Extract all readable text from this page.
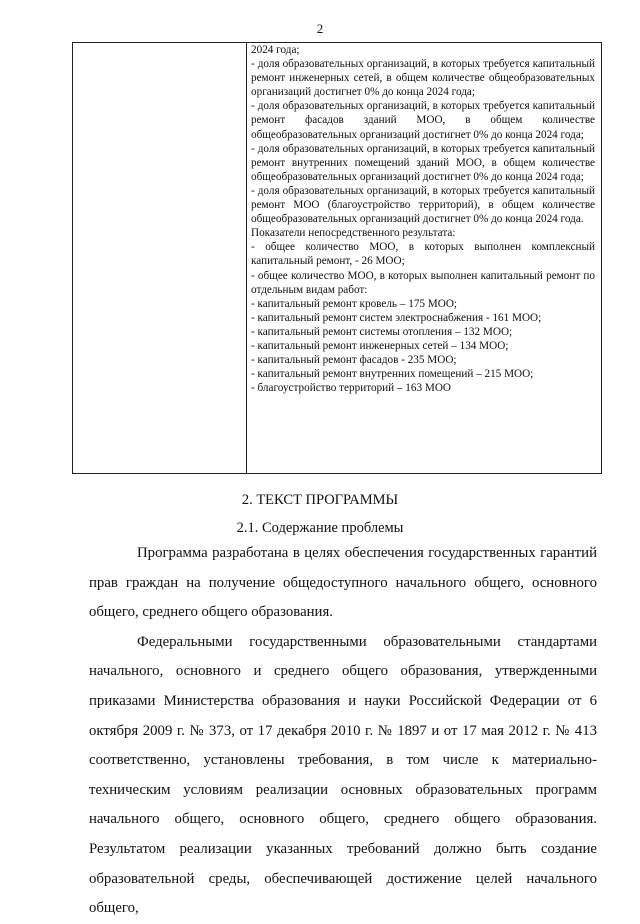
2
2024 года;
- доля образовательных организаций, в которых требуется капитальный ремонт инженерных сетей, в общем количестве общеобразовательных организаций достигнет 0% до конца 2024 года;
- доля образовательных организаций, в которых требуется капитальный ремонт фасадов зданий МОО, в общем количестве общеобразовательных организаций достигнет 0% до конца 2024 года;
- доля образовательных организаций, в которых требуется капитальный ремонт внутренних помещений зданий МОО, в общем количестве общеобразовательных организаций достигнет 0% до конца 2024 года;
- доля образовательных организаций, в которых требуется капитальный ремонт МОО (благоустройство территорий), в общем количестве общеобразовательных организаций достигнет 0% до конца 2024 года.
Показатели непосредственного результата:
- общее количество МОО, в которых выполнен комплексный капитальный ремонт, - 26 МОО;
- общее количество МОО, в которых выполнен капитальный ремонт по отдельным видам работ:
- капитальный ремонт кровель – 175 МОО;
- капитальный ремонт систем электроснабжения - 161 МОО;
- капитальный ремонт системы отопления – 132 МОО;
- капитальный ремонт инженерных сетей – 134 МОО;
- капитальный ремонт фасадов - 235 МОО;
- капитальный ремонт внутренних помещений – 215 МОО;
- благоустройство территорий – 163 МОО
2. ТЕКСТ ПРОГРАММЫ
2.1. Содержание проблемы

Программа разработана в целях обеспечения государственных гарантий прав граждан на получение общедоступного начального общего, основного общего, среднего общего образования.

Федеральными государственными образовательными стандартами начального, основного и среднего общего образования, утвержденными приказами Министерства образования и науки Российской Федерации от 6 октября 2009 г. № 373, от 17 декабря 2010 г. № 1897 и от 17 мая 2012 г. № 413 соответственно, установлены требования, в том числе к материально-техническим условиям реализации основных образовательных программ начального общего, основного общего, среднего общего образования. Результатом реализации указанных требований должно быть создание образовательной среды, обеспечивающей достижение целей начального общего,
